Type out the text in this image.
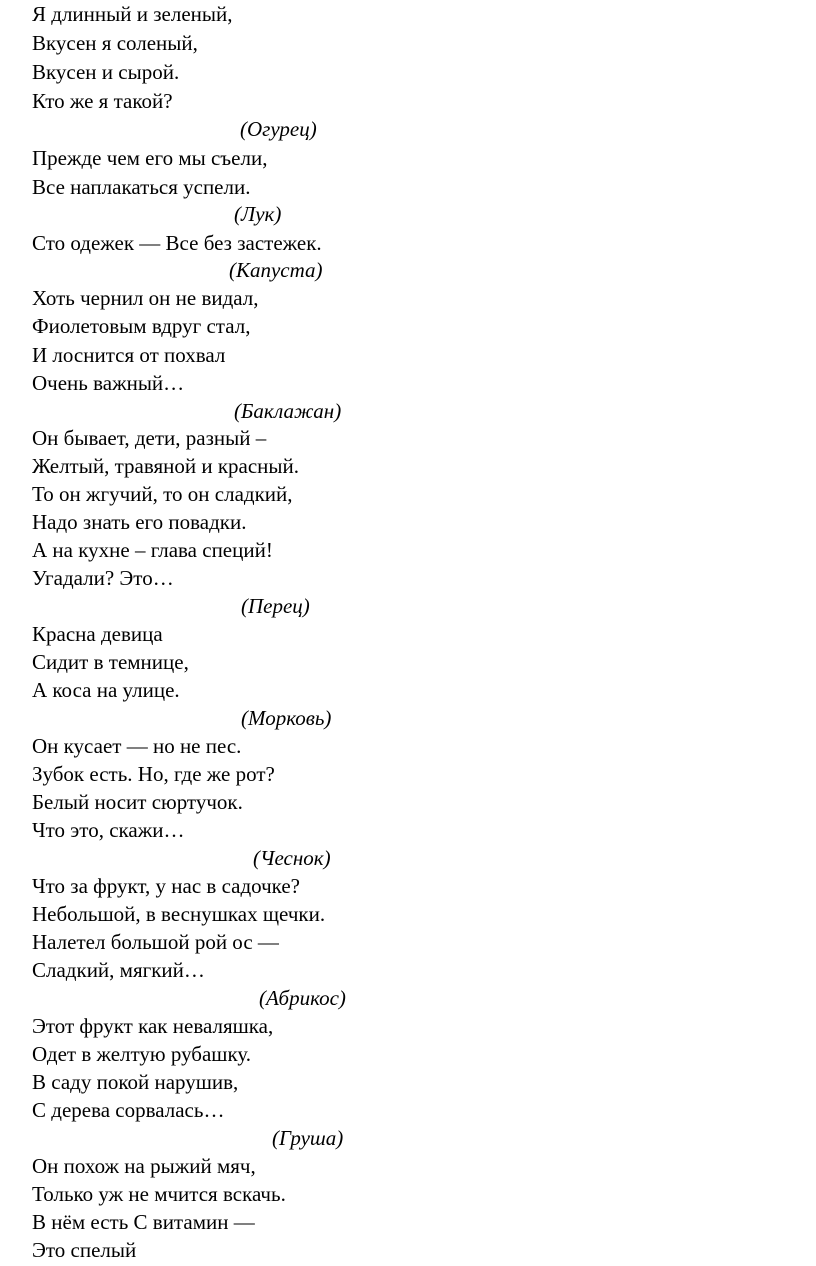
Я длинный и зеленый,

Вкусен я соленый,

Вкусен и сырой.

Кто же я такой?

(Огурец)

Прежде чем его мы съели,

Все наплакаться успели.

(Лук)

Сто одежек — Все без застежек.

(Капуста)

Хоть чернил он не видал,

Фиолетовым вдруг стал,

И лоснится от похвал

Очень важный…

(Баклажан)

Он бывает, дети, разный –

Желтый, травяной и красный.

То он жгучий, то он сладкий,

Надо знать его повадки.

А на кухне – глава специй!

Угадали? Это…

(Перец)

Красна девица

Сидит в темнице,

А коса на улице.

(Морковь)

Он кусает — но не пес.

Зубок есть. Но, где же рот?

Белый носит сюртучок.

Что это, скажи…

(Чеснок)

Что за фрукт, у нас в садочке?

Небольшой, в веснушках щечки.

Налетел большой рой ос —

Сладкий, мягкий…

(Абрикос)

Этот фрукт как неваляшка,

Одет в желтую рубашку.

В саду покой нарушив,

С дерева сорвалась…

(Груша)

Он похож на рыжий мяч,

Только уж не мчится вскачь.

В нём есть С витамин —

Это спелый
